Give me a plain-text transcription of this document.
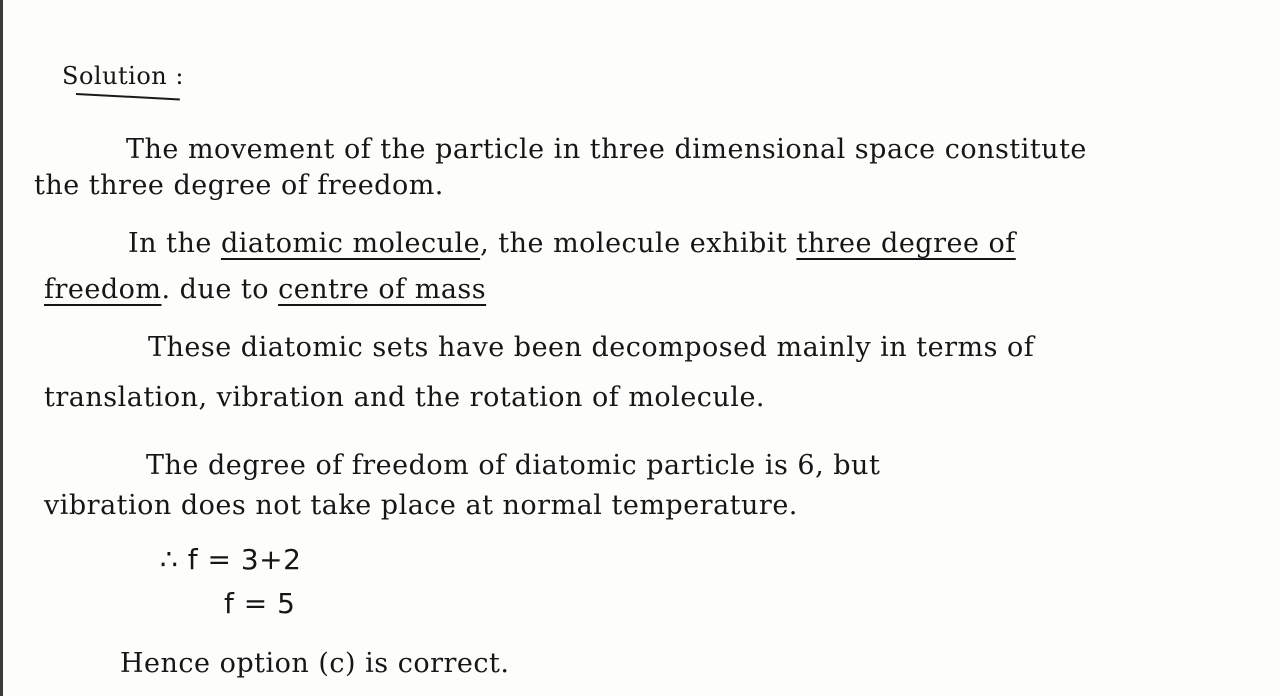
Solution :
The movement of the particle in three dimensional space constitute
the three degree of freedom.
In the diatomic molecule, the molecule exhibit three degree of
freedom. due to centre of mass
These diatomic sets have been decomposed mainly in terms of
translation, vibration and the rotation of molecule.
The degree of freedom of diatomic particle is 6, but
vibration does not take place at normal temperature.
∴ f = 3+2
f = 5
Hence option (c) is correct.
